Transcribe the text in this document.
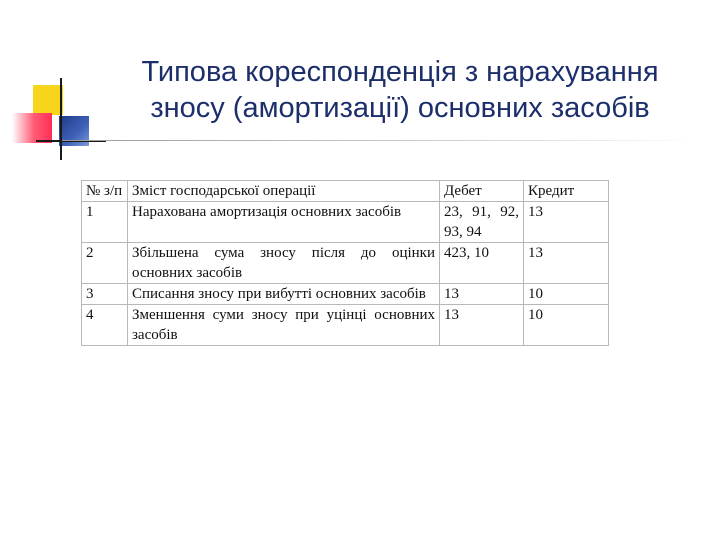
Типова кореспонденція з нарахування
зносу (амортизації) основних засобів
№ з/п	Зміст господарської операції	Дебет	Кредит
1	Нарахована амортизація основних засобів	23, 91, 92, 93, 94	13
2	Збільшена сума зносу після до оцінки основних засобів	423, 10	13
3	Списання зносу при вибутті основних засобів	13	10
4	Зменшення суми зносу при уцінці основних засобів	13	10
